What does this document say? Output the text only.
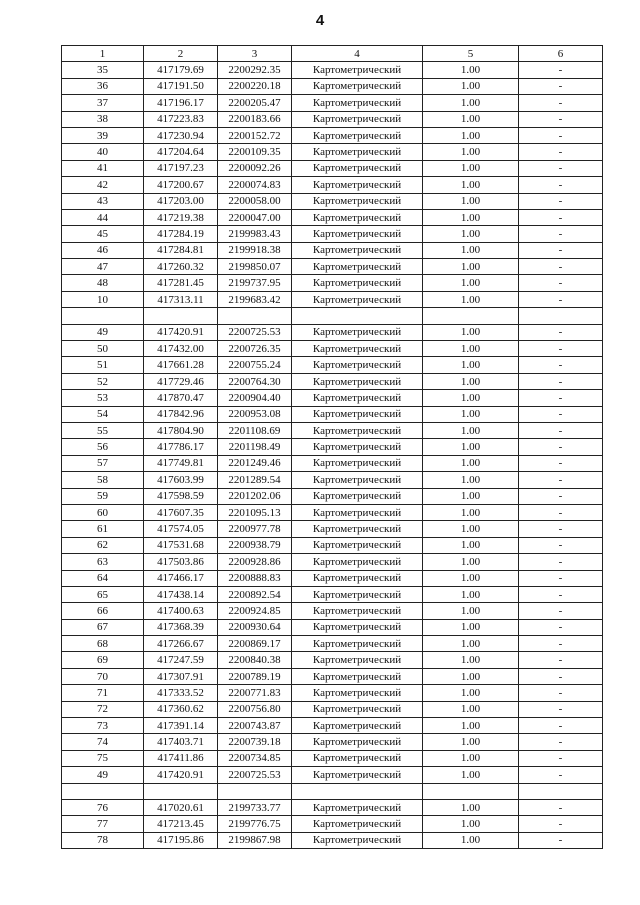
4
1	2	3	4	5	6
35	417179.69	2200292.35	Картометрический	1.00	-
36	417191.50	2200220.18	Картометрический	1.00	-
37	417196.17	2200205.47	Картометрический	1.00	-
38	417223.83	2200183.66	Картометрический	1.00	-
39	417230.94	2200152.72	Картометрический	1.00	-
40	417204.64	2200109.35	Картометрический	1.00	-
41	417197.23	2200092.26	Картометрический	1.00	-
42	417200.67	2200074.83	Картометрический	1.00	-
43	417203.00	2200058.00	Картометрический	1.00	-
44	417219.38	2200047.00	Картометрический	1.00	-
45	417284.19	2199983.43	Картометрический	1.00	-
46	417284.81	2199918.38	Картометрический	1.00	-
47	417260.32	2199850.07	Картометрический	1.00	-
48	417281.45	2199737.95	Картометрический	1.00	-
10	417313.11	2199683.42	Картометрический	1.00	-

49	417420.91	2200725.53	Картометрический	1.00	-
50	417432.00	2200726.35	Картометрический	1.00	-
51	417661.28	2200755.24	Картометрический	1.00	-
52	417729.46	2200764.30	Картометрический	1.00	-
53	417870.47	2200904.40	Картометрический	1.00	-
54	417842.96	2200953.08	Картометрический	1.00	-
55	417804.90	2201108.69	Картометрический	1.00	-
56	417786.17	2201198.49	Картометрический	1.00	-
57	417749.81	2201249.46	Картометрический	1.00	-
58	417603.99	2201289.54	Картометрический	1.00	-
59	417598.59	2201202.06	Картометрический	1.00	-
60	417607.35	2201095.13	Картометрический	1.00	-
61	417574.05	2200977.78	Картометрический	1.00	-
62	417531.68	2200938.79	Картометрический	1.00	-
63	417503.86	2200928.86	Картометрический	1.00	-
64	417466.17	2200888.83	Картометрический	1.00	-
65	417438.14	2200892.54	Картометрический	1.00	-
66	417400.63	2200924.85	Картометрический	1.00	-
67	417368.39	2200930.64	Картометрический	1.00	-
68	417266.67	2200869.17	Картометрический	1.00	-
69	417247.59	2200840.38	Картометрический	1.00	-
70	417307.91	2200789.19	Картометрический	1.00	-
71	417333.52	2200771.83	Картометрический	1.00	-
72	417360.62	2200756.80	Картометрический	1.00	-
73	417391.14	2200743.87	Картометрический	1.00	-
74	417403.71	2200739.18	Картометрический	1.00	-
75	417411.86	2200734.85	Картометрический	1.00	-
49	417420.91	2200725.53	Картометрический	1.00	-

76	417020.61	2199733.77	Картометрический	1.00	-
77	417213.45	2199776.75	Картометрический	1.00	-
78	417195.86	2199867.98	Картометрический	1.00	-
